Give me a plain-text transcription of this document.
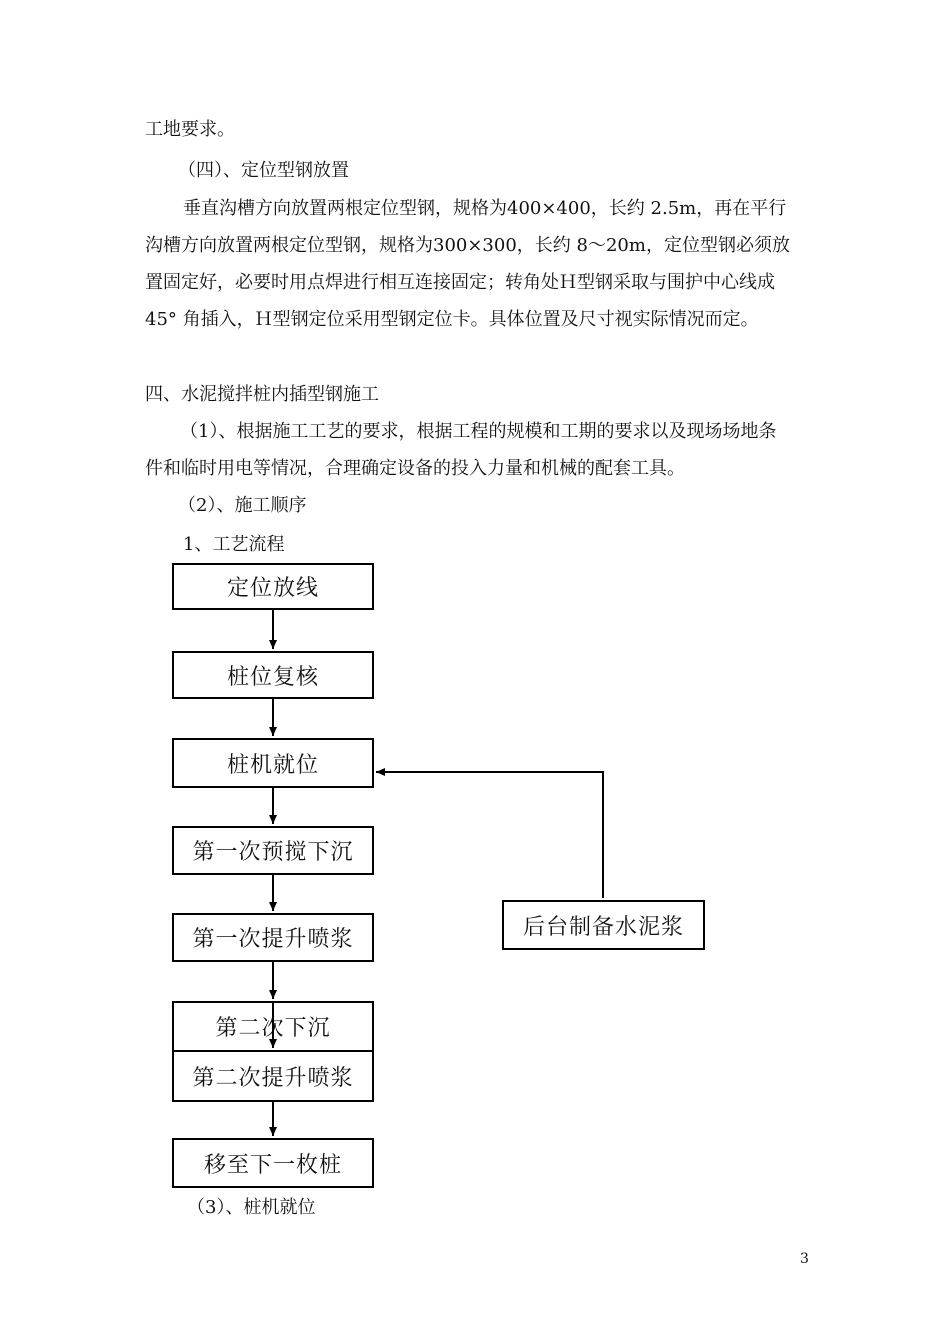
工地要求。
（四）、定位型钢放置
垂直沟槽方向放置两根定位型钢，规格为400×400，长约 2.5m，再在平行
沟槽方向放置两根定位型钢，规格为300×300，长约 8～20m，定位型钢必须放
置固定好，必要时用点焊进行相互连接固定；转角处Ｈ型钢采取与围护中心线成
45° 角插入，Ｈ型钢定位采用型钢定位卡。具体位置及尺寸视实际情况而定。
四、水泥搅拌桩内插型钢施工
（1）、根据施工工艺的要求，根据工程的规模和工期的要求以及现场场地条
件和临时用电等情况，合理确定设备的投入力量和机械的配套工具。
（2）、施工顺序
1、工艺流程
定位放线
桩位复核
桩机就位
第一次预搅下沉
第一次提升喷浆
第二次下沉
第二次提升喷浆
移至下一枚桩
后台制备水泥浆
（3）、桩机就位
3
